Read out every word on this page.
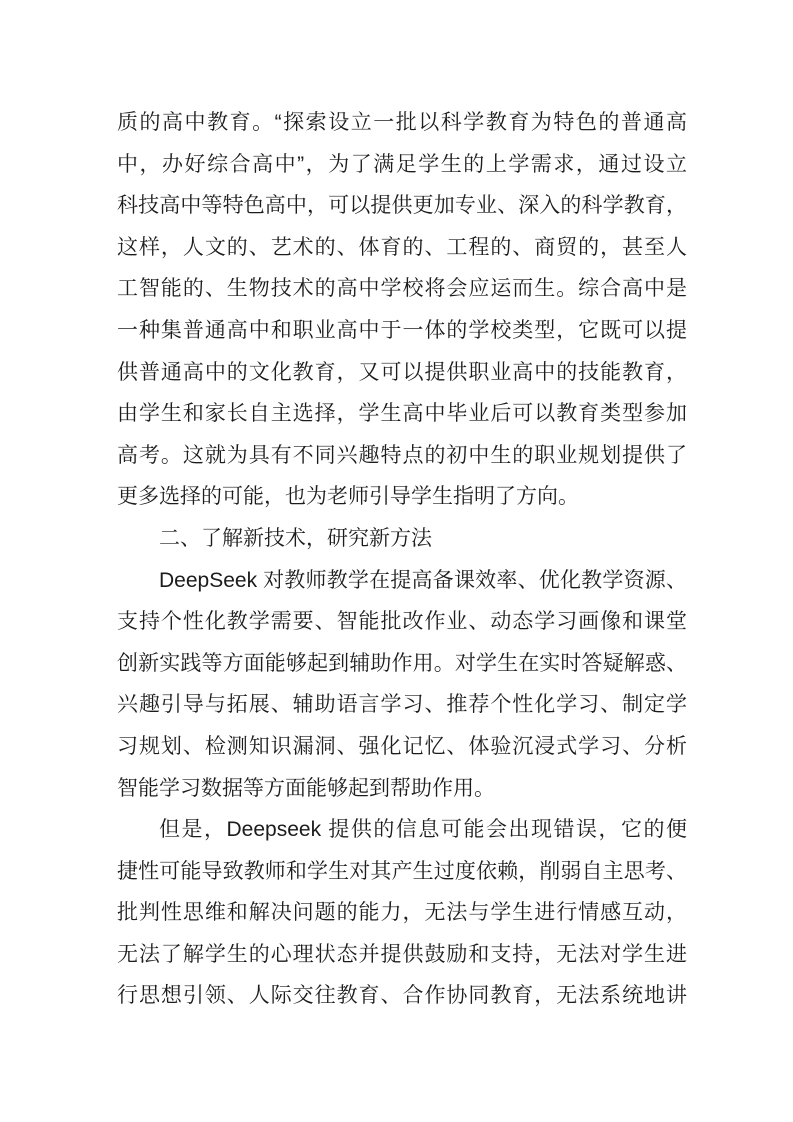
质的高中教育。“探索设立一批以科学教育为特色的普通高
中，办好综合高中”，为了满足学生的上学需求，通过设立
科技高中等特色高中，可以提供更加专业、深入的科学教育，
这样，人文的、艺术的、体育的、工程的、商贸的，甚至人
工智能的、生物技术的高中学校将会应运而生。综合高中是
一种集普通高中和职业高中于一体的学校类型，它既可以提
供普通高中的文化教育，又可以提供职业高中的技能教育，
由学生和家长自主选择，学生高中毕业后可以教育类型参加
高考。这就为具有不同兴趣特点的初中生的职业规划提供了
更多选择的可能，也为老师引导学生指明了方向。
二、了解新技术，研究新方法
DeepSeek 对教师教学在提高备课效率、优化教学资源、
支持个性化教学需要、智能批改作业、动态学习画像和课堂
创新实践等方面能够起到辅助作用。对学生在实时答疑解惑、
兴趣引导与拓展、辅助语言学习、推荐个性化学习、制定学
习规划、检测知识漏洞、强化记忆、体验沉浸式学习、分析
智能学习数据等方面能够起到帮助作用。
但是，Deepseek 提供的信息可能会出现错误，它的便
捷性可能导致教师和学生对其产生过度依赖，削弱自主思考、
批判性思维和解决问题的能力，无法与学生进行情感互动，
无法了解学生的心理状态并提供鼓励和支持，无法对学生进
行思想引领、人际交往教育、合作协同教育，无法系统地讲
